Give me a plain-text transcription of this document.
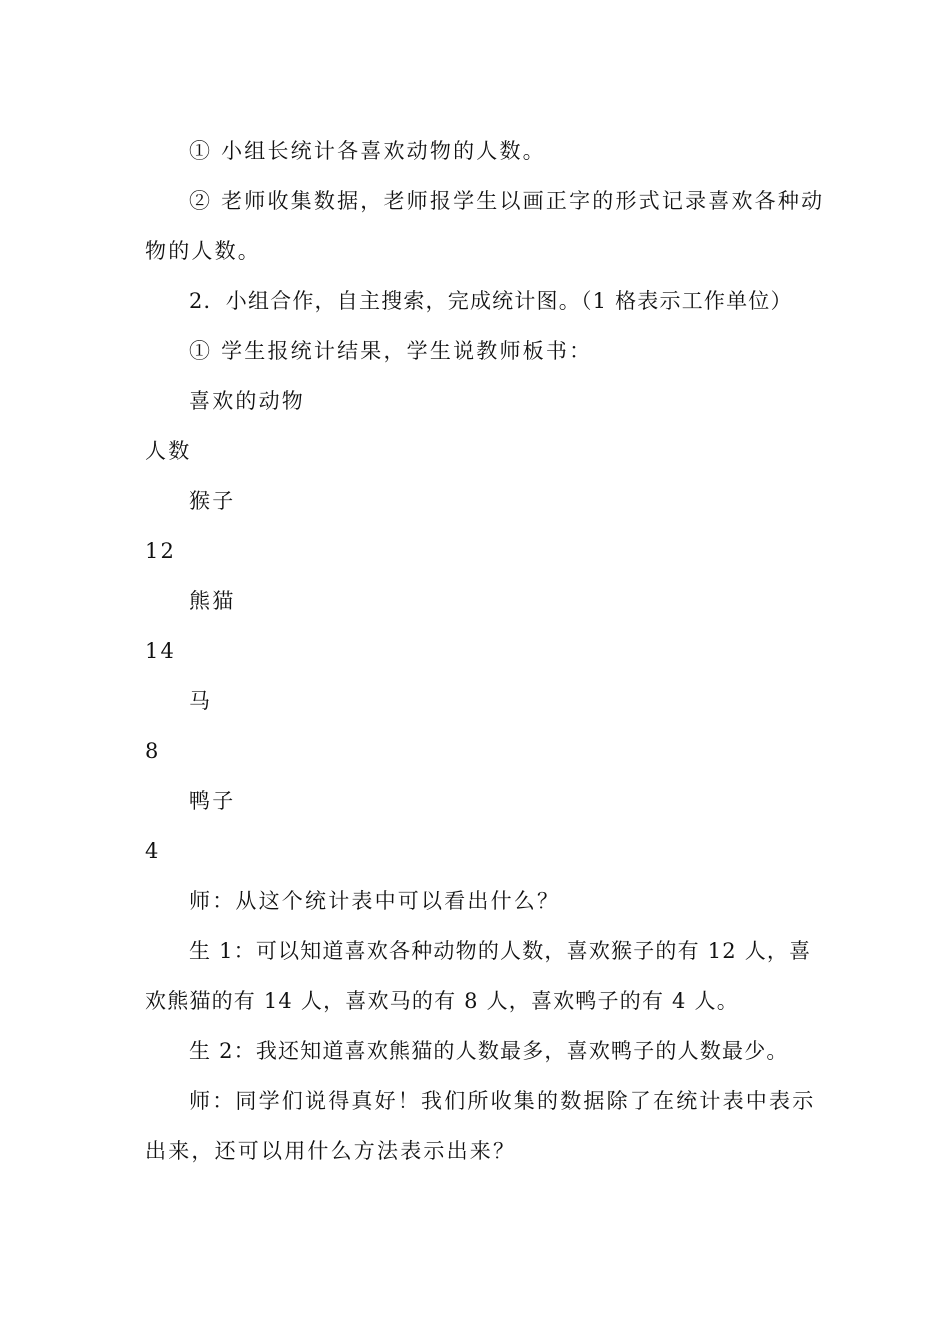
① 小组长统计各喜欢动物的人数。
② 老师收集数据，老师报学生以画正字的形式记录喜欢各种动
物的人数。
2．小组合作，自主搜索，完成统计图。（1 格表示工作单位）
① 学生报统计结果，学生说教师板书：
喜欢的动物
人数
猴子
12
熊猫
14
马
8
鸭子
4
师：从这个统计表中可以看出什么？
生 1：可以知道喜欢各种动物的人数，喜欢猴子的有 12 人，喜
欢熊猫的有 14 人，喜欢马的有 8 人，喜欢鸭子的有 4 人。
生 2：我还知道喜欢熊猫的人数最多，喜欢鸭子的人数最少。
师：同学们说得真好！我们所收集的数据除了在统计表中表示
出来，还可以用什么方法表示出来？
